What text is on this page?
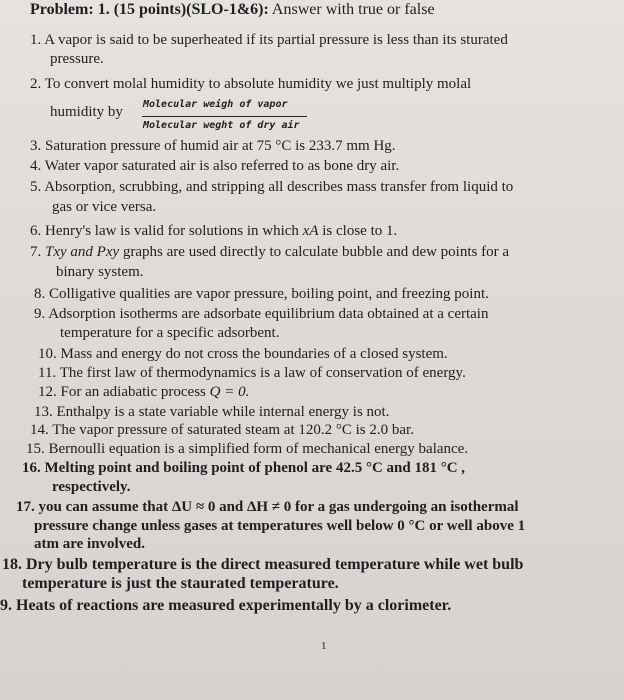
Problem: 1. (15 points)(SLO-1&6): Answer with true or false
1. A vapor is said to be superheated if its partial pressure is less than its sturated
pressure.
2. To convert molal humidity to absolute humidity we just multiply molal
humidity by Molecular weigh of vapor
Molecular weght of dry air
3. Saturation pressure of humid air at 75 °C is 233.7 mm Hg.
4. Water vapor saturated air is also referred to as bone dry air.
5. Absorption, scrubbing, and stripping all describes mass transfer from liquid to
gas or vice versa.
6. Henry's law is valid for solutions in which xA is close to 1.
7. Txy and Pxy graphs are used directly to calculate bubble and dew points for a
binary system.
8. Colligative qualities are vapor pressure, boiling point, and freezing point.
9. Adsorption isotherms are adsorbate equilibrium data obtained at a certain
temperature for a specific adsorbent.
10. Mass and energy do not cross the boundaries of a closed system.
11. The first law of thermodynamics is a law of conservation of energy.
12. For an adiabatic process Q = 0.
13. Enthalpy is a state variable while internal energy is not.
14. The vapor pressure of saturated steam at 120.2 °C is 2.0 bar.
15. Bernoulli equation is a simplified form of mechanical energy balance.
16. Melting point and boiling point of phenol are 42.5 °C and 181 °C ,
respectively.
17. you can assume that ΔU ≈ 0 and ΔH ≠ 0 for a gas undergoing an isothermal
pressure change unless gases at temperatures well below 0 °C or well above 1
atm are involved.
18. Dry bulb temperature is the direct measured temperature while wet bulb
temperature is just the staurated temperature.
9. Heats of reactions are measured experimentally by a clorimeter.
1
